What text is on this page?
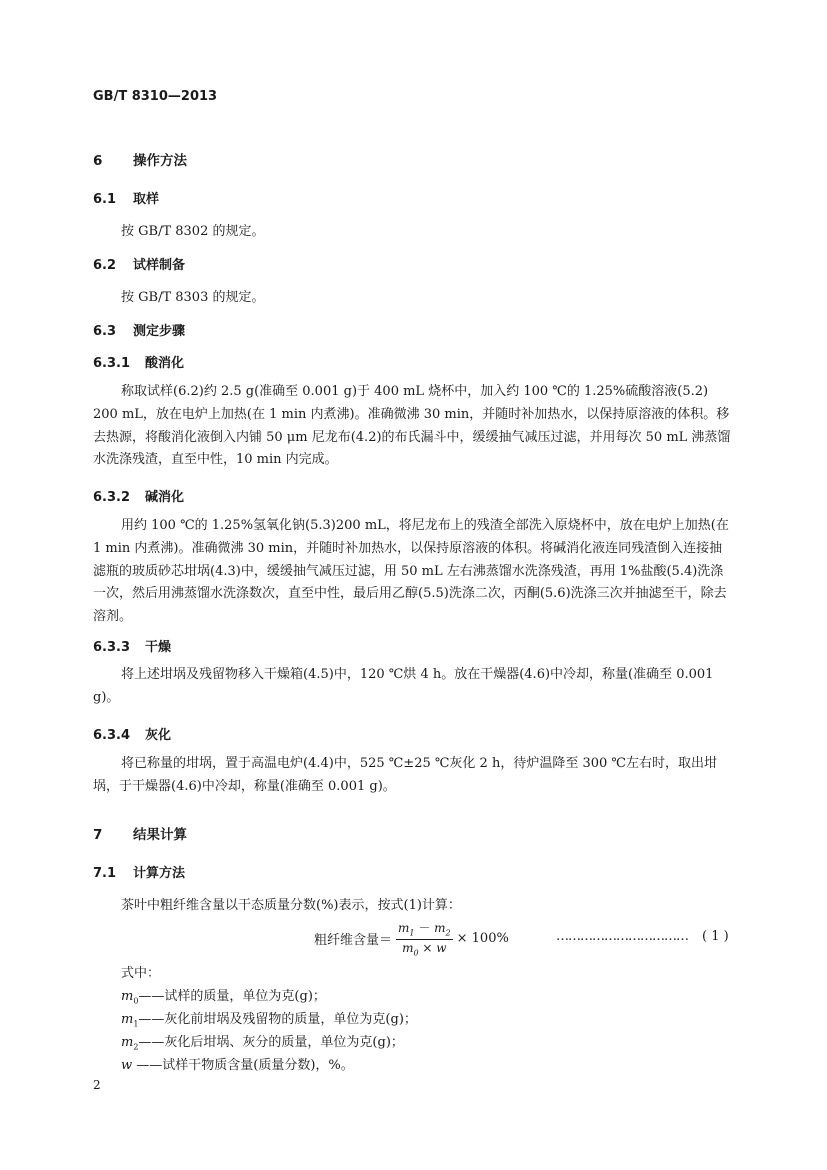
GB/T 8310—2013
6 操作方法
6.1 取样
按 GB/T 8302 的规定。
6.2 试样制备
按 GB/T 8303 的规定。
6.3 测定步骤
6.3.1 酸消化
称取试样(6.2)约 2.5 g(准确至 0.001 g)于 400 mL 烧杯中，加入约 100 ℃的 1.25%硫酸溶液(5.2) 200 mL，放在电炉上加热(在 1 min 内煮沸)。准确微沸 30 min，并随时补加热水，以保持原溶液的体积。移去热源，将酸消化液倒入内铺 50 μm 尼龙布(4.2)的布氏漏斗中，缓缓抽气减压过滤，并用每次 50 mL 沸蒸馏水洗涤残渣，直至中性，10 min 内完成。
6.3.2 碱消化
用约 100 ℃的 1.25%氢氧化钠(5.3)200 mL，将尼龙布上的残渣全部洗入原烧杯中，放在电炉上加热(在 1 min 内煮沸)。准确微沸 30 min，并随时补加热水，以保持原溶液的体积。将碱消化液连同残渣倒入连接抽滤瓶的玻质砂芯坩埚(4.3)中，缓缓抽气减压过滤，用 50 mL 左右沸蒸馏水洗涤残渣，再用 1%盐酸(5.4)洗涤一次，然后用沸蒸馏水洗涤数次，直至中性，最后用乙醇(5.5)洗涤二次，丙酮(5.6)洗涤三次并抽滤至干，除去溶剂。
6.3.3 干燥
将上述坩埚及残留物移入干燥箱(4.5)中，120 ℃烘 4 h。放在干燥器(4.6)中冷却，称量(准确至 0.001 g)。
6.3.4 灰化
将已称量的坩埚，置于高温电炉(4.4)中，525 ℃±25 ℃灰化 2 h，待炉温降至 300 ℃左右时，取出坩埚，于干燥器(4.6)中冷却，称量(准确至 0.001 g)。
7 结果计算
7.1 计算方法
茶叶中粗纤维含量以干态质量分数(%)表示，按式(1)计算：
粗纤维含量＝ $\frac{m_1 - m_2}{m_0 \times w} \times 100\%$	…………………………… ( 1 )
式中：
$m_0——$试样的质量，单位为克(g)；
$m_1——$灰化前坩埚及残留物的质量，单位为克(g)；
$m_2——$灰化后坩埚、灰分的质量，单位为克(g)；
w ——试样干物质含量(质量分数)，%。
2
